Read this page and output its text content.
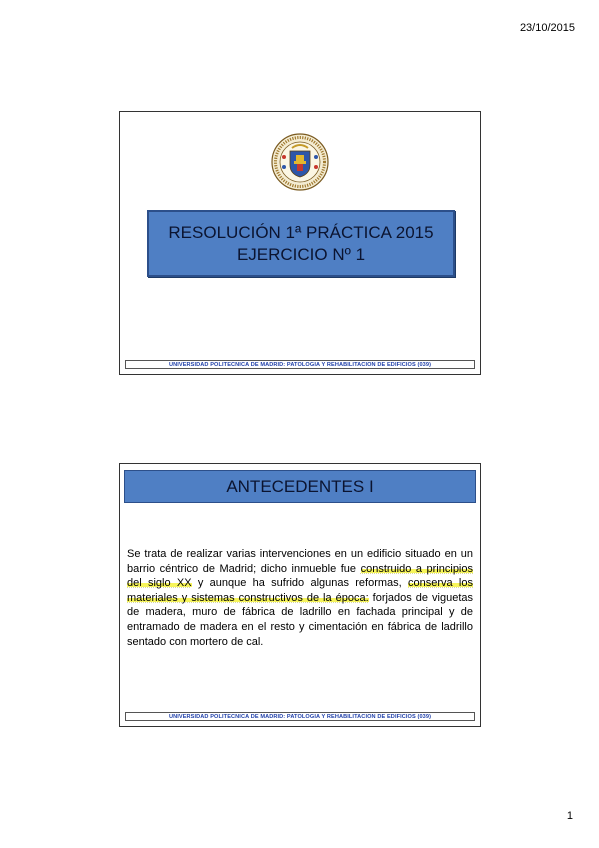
23/10/2015
RESOLUCIÓN 1ª PRÁCTICA 2015
EJERCICIO Nº 1
UNIVERSIDAD POLITECNICA DE MADRID: PATOLOGIA Y REHABILITACION DE EDIFICIOS (039)
ANTECEDENTES I
Se trata de realizar varias intervenciones en un edificio situado en un barrio céntrico de Madrid; dicho inmueble fue construido a principios del siglo XX y aunque ha sufrido algunas reformas, conserva los materiales y sistemas constructivos de la época: forjados de viguetas de madera, muro de fábrica de ladrillo en fachada principal y de entramado de madera en el resto y cimentación en fábrica de ladrillo sentado con mortero de cal.
UNIVERSIDAD POLITECNICA DE MADRID: PATOLOGIA Y REHABILITACION DE EDIFICIOS (039)
1
